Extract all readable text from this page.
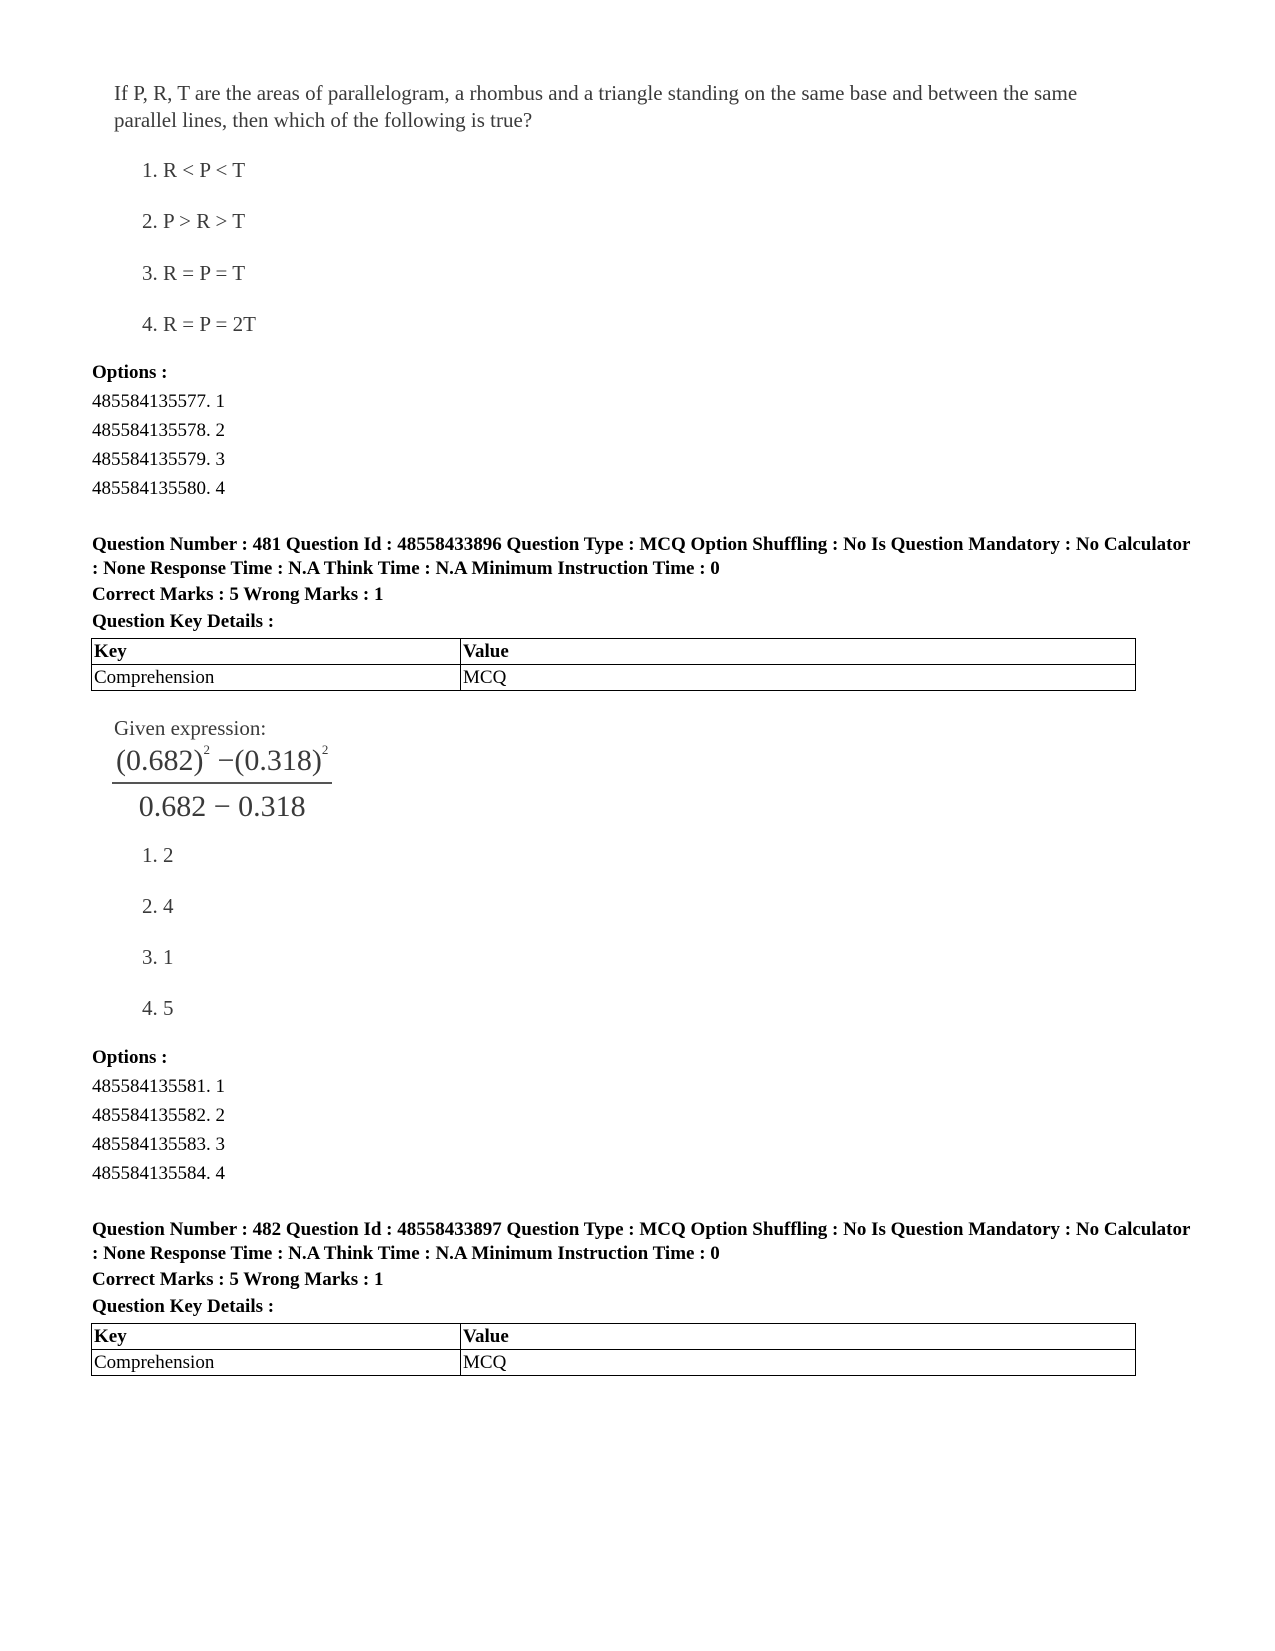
If P, R, T are the areas of parallelogram, a rhombus and a triangle standing on the same base and between the same parallel lines, then which of the following is true?
1. R < P < T
2. P > R > T
3. R = P = T
4. R = P = 2T
Options :
485584135577. 1
485584135578. 2
485584135579. 3
485584135580. 4
Question Number : 481 Question Id : 48558433896 Question Type : MCQ Option Shuffling : No Is Question Mandatory : No Calculator : None Response Time : N.A Think Time : N.A Minimum Instruction Time : 0
Correct Marks : 5 Wrong Marks : 1
Question Key Details :
Key	Value
Comprehension	MCQ
Given expression:
$\frac{(0.682)^2 -(0.318)^2}{0.682 - 0.318}$
1. 2
2. 4
3. 1
4. 5
Options :
485584135581. 1
485584135582. 2
485584135583. 3
485584135584. 4
Question Number : 482 Question Id : 48558433897 Question Type : MCQ Option Shuffling : No Is Question Mandatory : No Calculator : None Response Time : N.A Think Time : N.A Minimum Instruction Time : 0
Correct Marks : 5 Wrong Marks : 1
Question Key Details :
Key	Value
Comprehension	MCQ
